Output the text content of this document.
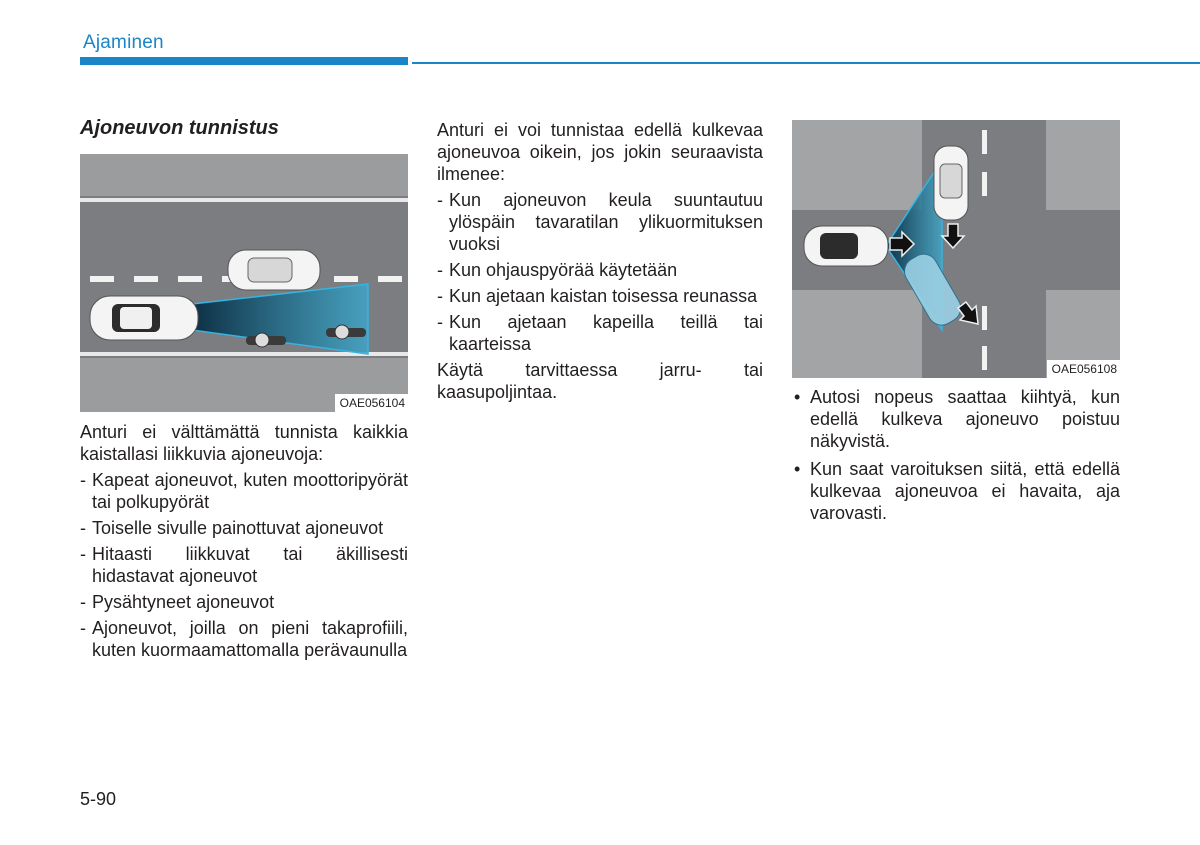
Ajaminen
Ajoneuvon tunnistus
OAE056104

Anturi ei välttämättä tunnista kaikkia kaistallasi liikkuvia ajoneuvoja:

- Kapeat ajoneuvot, kuten moottoripyörät tai polkupyörät
- Toiselle sivulle painottuvat ajoneuvot
- Hitaasti liikkuvat tai äkillisesti hidastavat ajoneuvot
- Pysähtyneet ajoneuvot
- Ajoneuvot, joilla on pieni takaprofiili, kuten kuormaamattomalla perävaunulla

Anturi ei voi tunnistaa edellä kulkevaa ajoneuvoa oikein, jos jokin seuraavista ilmenee:

- Kun ajoneuvon keula suuntautuu ylöspäin tavaratilan ylikuormituksen vuoksi
- Kun ohjauspyörää käytetään
- Kun ajetaan kaistan toisessa reunassa
- Kun ajetaan kapeilla teillä tai kaarteissa

Käytä tarvittaessa jarru- tai kaasupoljintaa.

OAE056108
• Autosi nopeus saattaa kiihtyä, kun edellä kulkeva ajoneuvo poistuu näkyvistä.
• Kun saat varoituksen siitä, että edellä kulkevaa ajoneuvoa ei havaita, aja varovasti.
5-90
